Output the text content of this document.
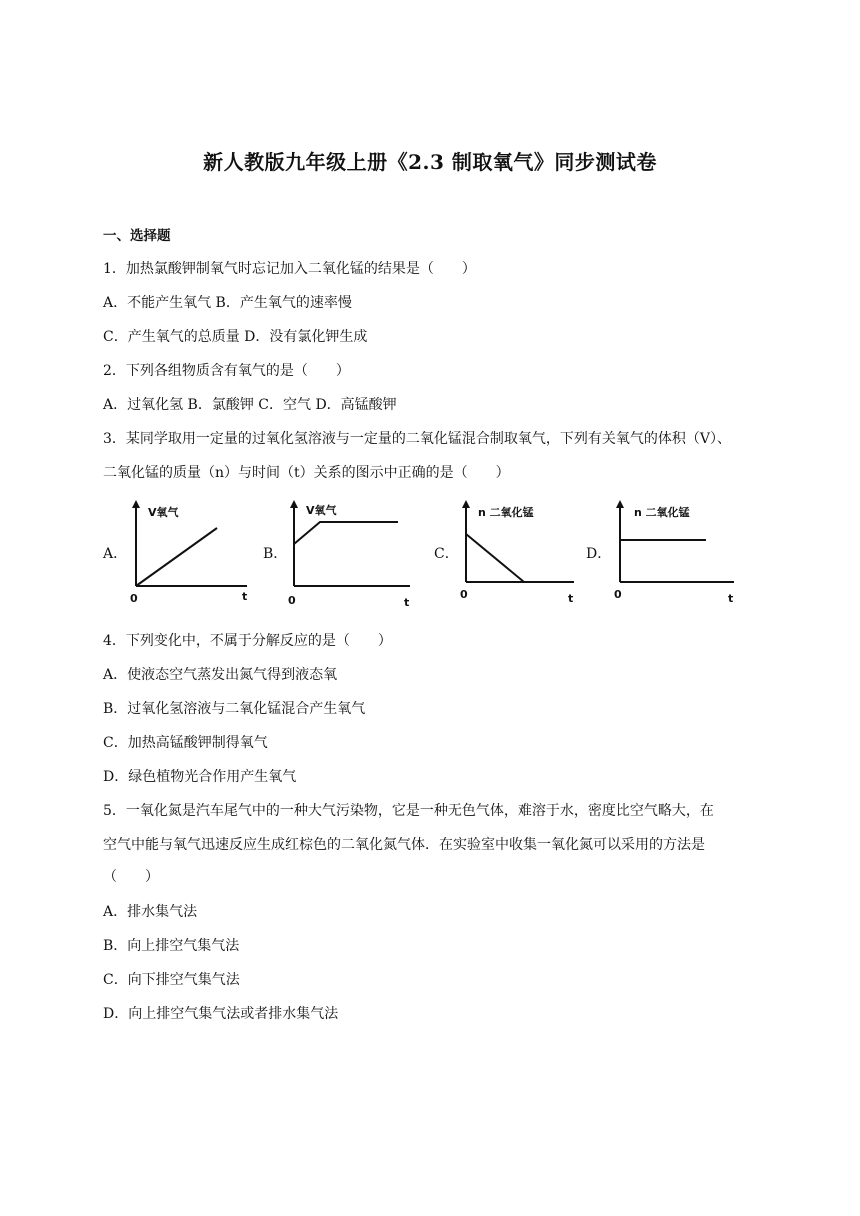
新人教版九年级上册《2.3 制取氧气》同步测试卷
一、选择题
1．加热氯酸钾制氧气时忘记加入二氧化锰的结果是（　　）
A．不能产生氧气 B．产生氧气的速率慢
C．产生氧气的总质量 D．没有氯化钾生成
2．下列各组物质含有氧气的是（　　）
A．过氧化氢 B．氯酸钾 C．空气 D．高锰酸钾
3．某同学取用一定量的过氧化氢溶液与一定量的二氧化锰混合制取氧气，下列有关氧气的体积（V）、
二氧化锰的质量（n）与时间（t）关系的图示中正确的是（　　）
A．	B．	C．	D．
V氧气
0	t
V氧气
0	t
n 二氧化锰
0	t
n 二氧化锰
0	t
4．下列变化中，不属于分解反应的是（　　）
A．使液态空气蒸发出氮气得到液态氧
B．过氧化氢溶液与二氧化锰混合产生氧气
C．加热高锰酸钾制得氧气
D．绿色植物光合作用产生氧气
5．一氧化氮是汽车尾气中的一种大气污染物，它是一种无色气体，难溶于水，密度比空气略大，在
空气中能与氧气迅速反应生成红棕色的二氧化氮气体．在实验室中收集一氧化氮可以采用的方法是
（　　）
A．排水集气法
B．向上排空气集气法
C．向下排空气集气法
D．向上排空气集气法或者排水集气法
